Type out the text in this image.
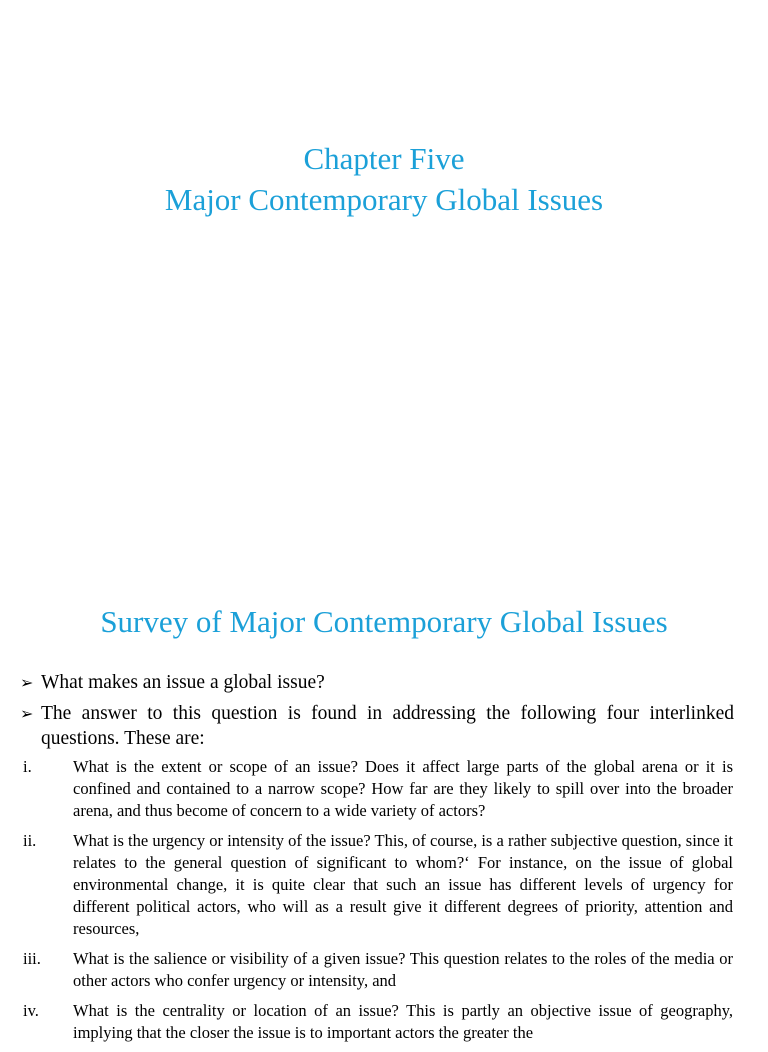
Chapter Five
Major Contemporary Global Issues
Survey of Major Contemporary Global Issues
➢ What makes an issue a global issue?
➢ The answer to this question is found in addressing the following four interlinked questions. These are:
i.	What is the extent or scope of an issue? Does it affect large parts of the global arena or it is confined and contained to a narrow scope? How far are they likely to spill over into the broader arena, and thus become of concern to a wide variety of actors?
ii.	What is the urgency or intensity of the issue? This, of course, is a rather subjective question, since it relates to the general question of significant to whom?‘ For instance, on the issue of global environmental change, it is quite clear that such an issue has different levels of urgency for different political actors, who will as a result give it different degrees of priority, attention and resources,
iii.	What is the salience or visibility of a given issue? This question relates to the roles of the media or other actors who confer urgency or intensity, and
iv.	What is the centrality or location of an issue? This is partly an objective issue of geography, implying that the closer the issue is to important actors the greater the
